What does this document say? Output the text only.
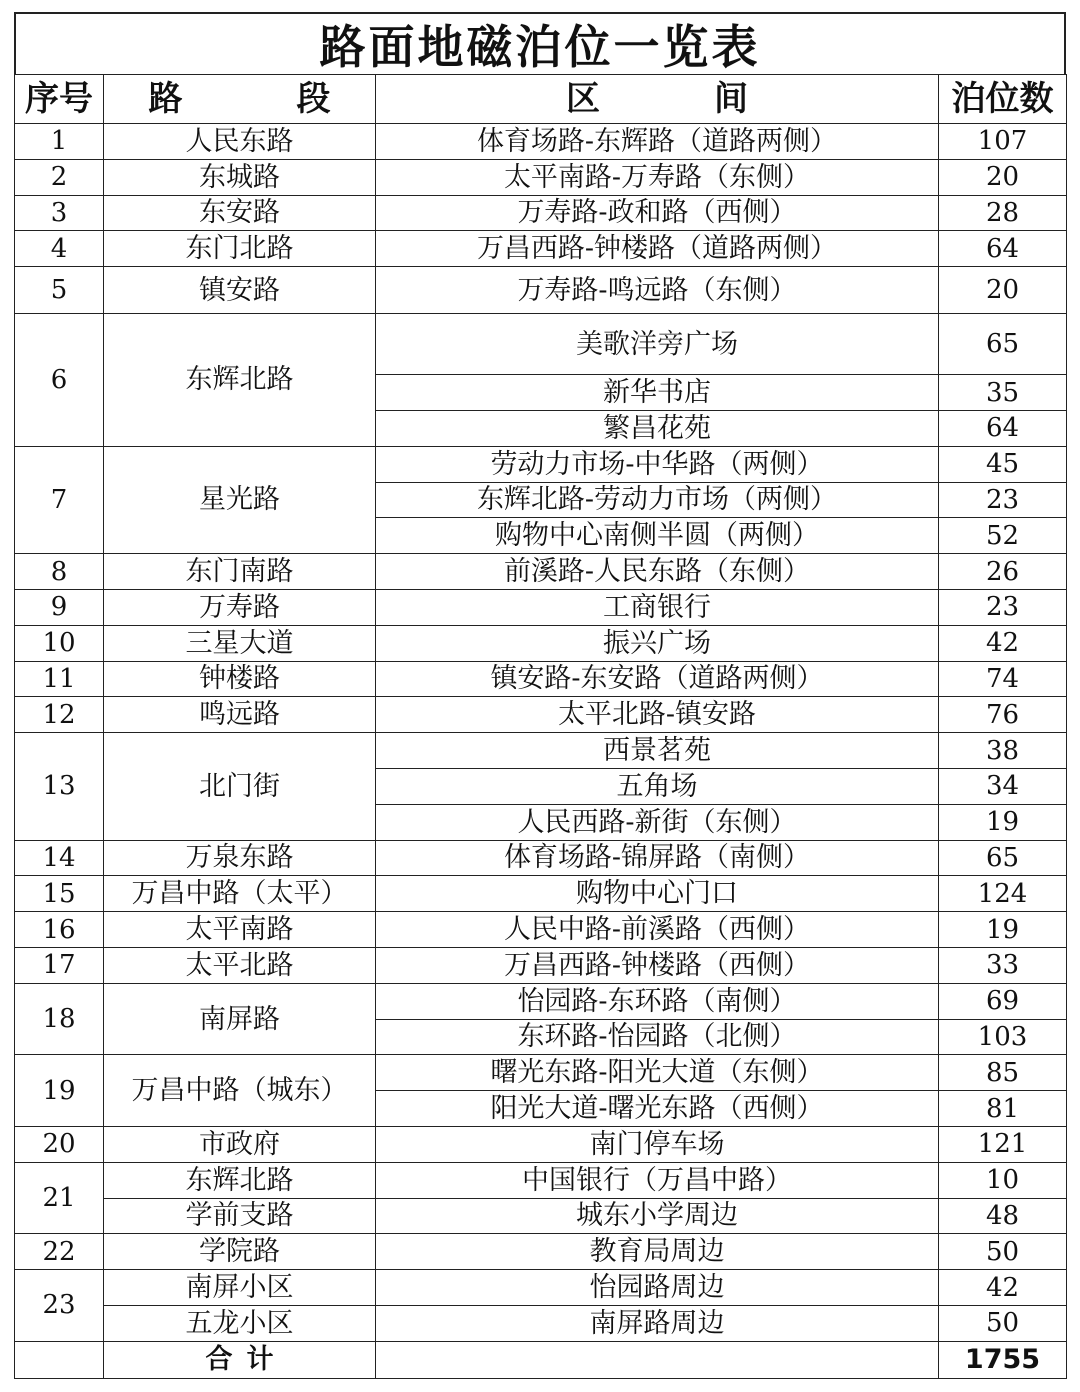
路面地磁泊位一览表
序号	路　段	区　间	泊位数
1	人民东路	体育场路-东辉路（道路两侧）	107
2	东城路	太平南路-万寿路（东侧）	20
3	东安路	万寿路-政和路（西侧）	28
4	东门北路	万昌西路-钟楼路（道路两侧）	64
5	镇安路	万寿路-鸣远路（东侧）	20
6	东辉北路	美歌洋旁广场	65
		新华书店	35
		繁昌花苑	64
7	星光路	劳动力市场-中华路（两侧）	45
		东辉北路-劳动力市场（两侧）	23
		购物中心南侧半圆（两侧）	52
8	东门南路	前溪路-人民东路（东侧）	26
9	万寿路	工商银行	23
10	三星大道	振兴广场	42
11	钟楼路	镇安路-东安路（道路两侧）	74
12	鸣远路	太平北路-镇安路	76
13	北门街	西景茗苑	38
		五角场	34
		人民西路-新街（东侧）	19
14	万泉东路	体育场路-锦屏路（南侧）	65
15	万昌中路（太平）	购物中心门口	124
16	太平南路	人民中路-前溪路（西侧）	19
17	太平北路	万昌西路-钟楼路（西侧）	33
18	南屏路	怡园路-东环路（南侧）	69
		东环路-怡园路（北侧）	103
19	万昌中路（城东）	曙光东路-阳光大道（东侧）	85
		阳光大道-曙光东路（西侧）	81
20	市政府	南门停车场	121
21	东辉北路	中国银行（万昌中路）	10
	学前支路	城东小学周边	48
22	学院路	教育局周边	50
23	南屏小区	怡园路周边	42
	五龙小区	南屏路周边	50
	合计		1755
